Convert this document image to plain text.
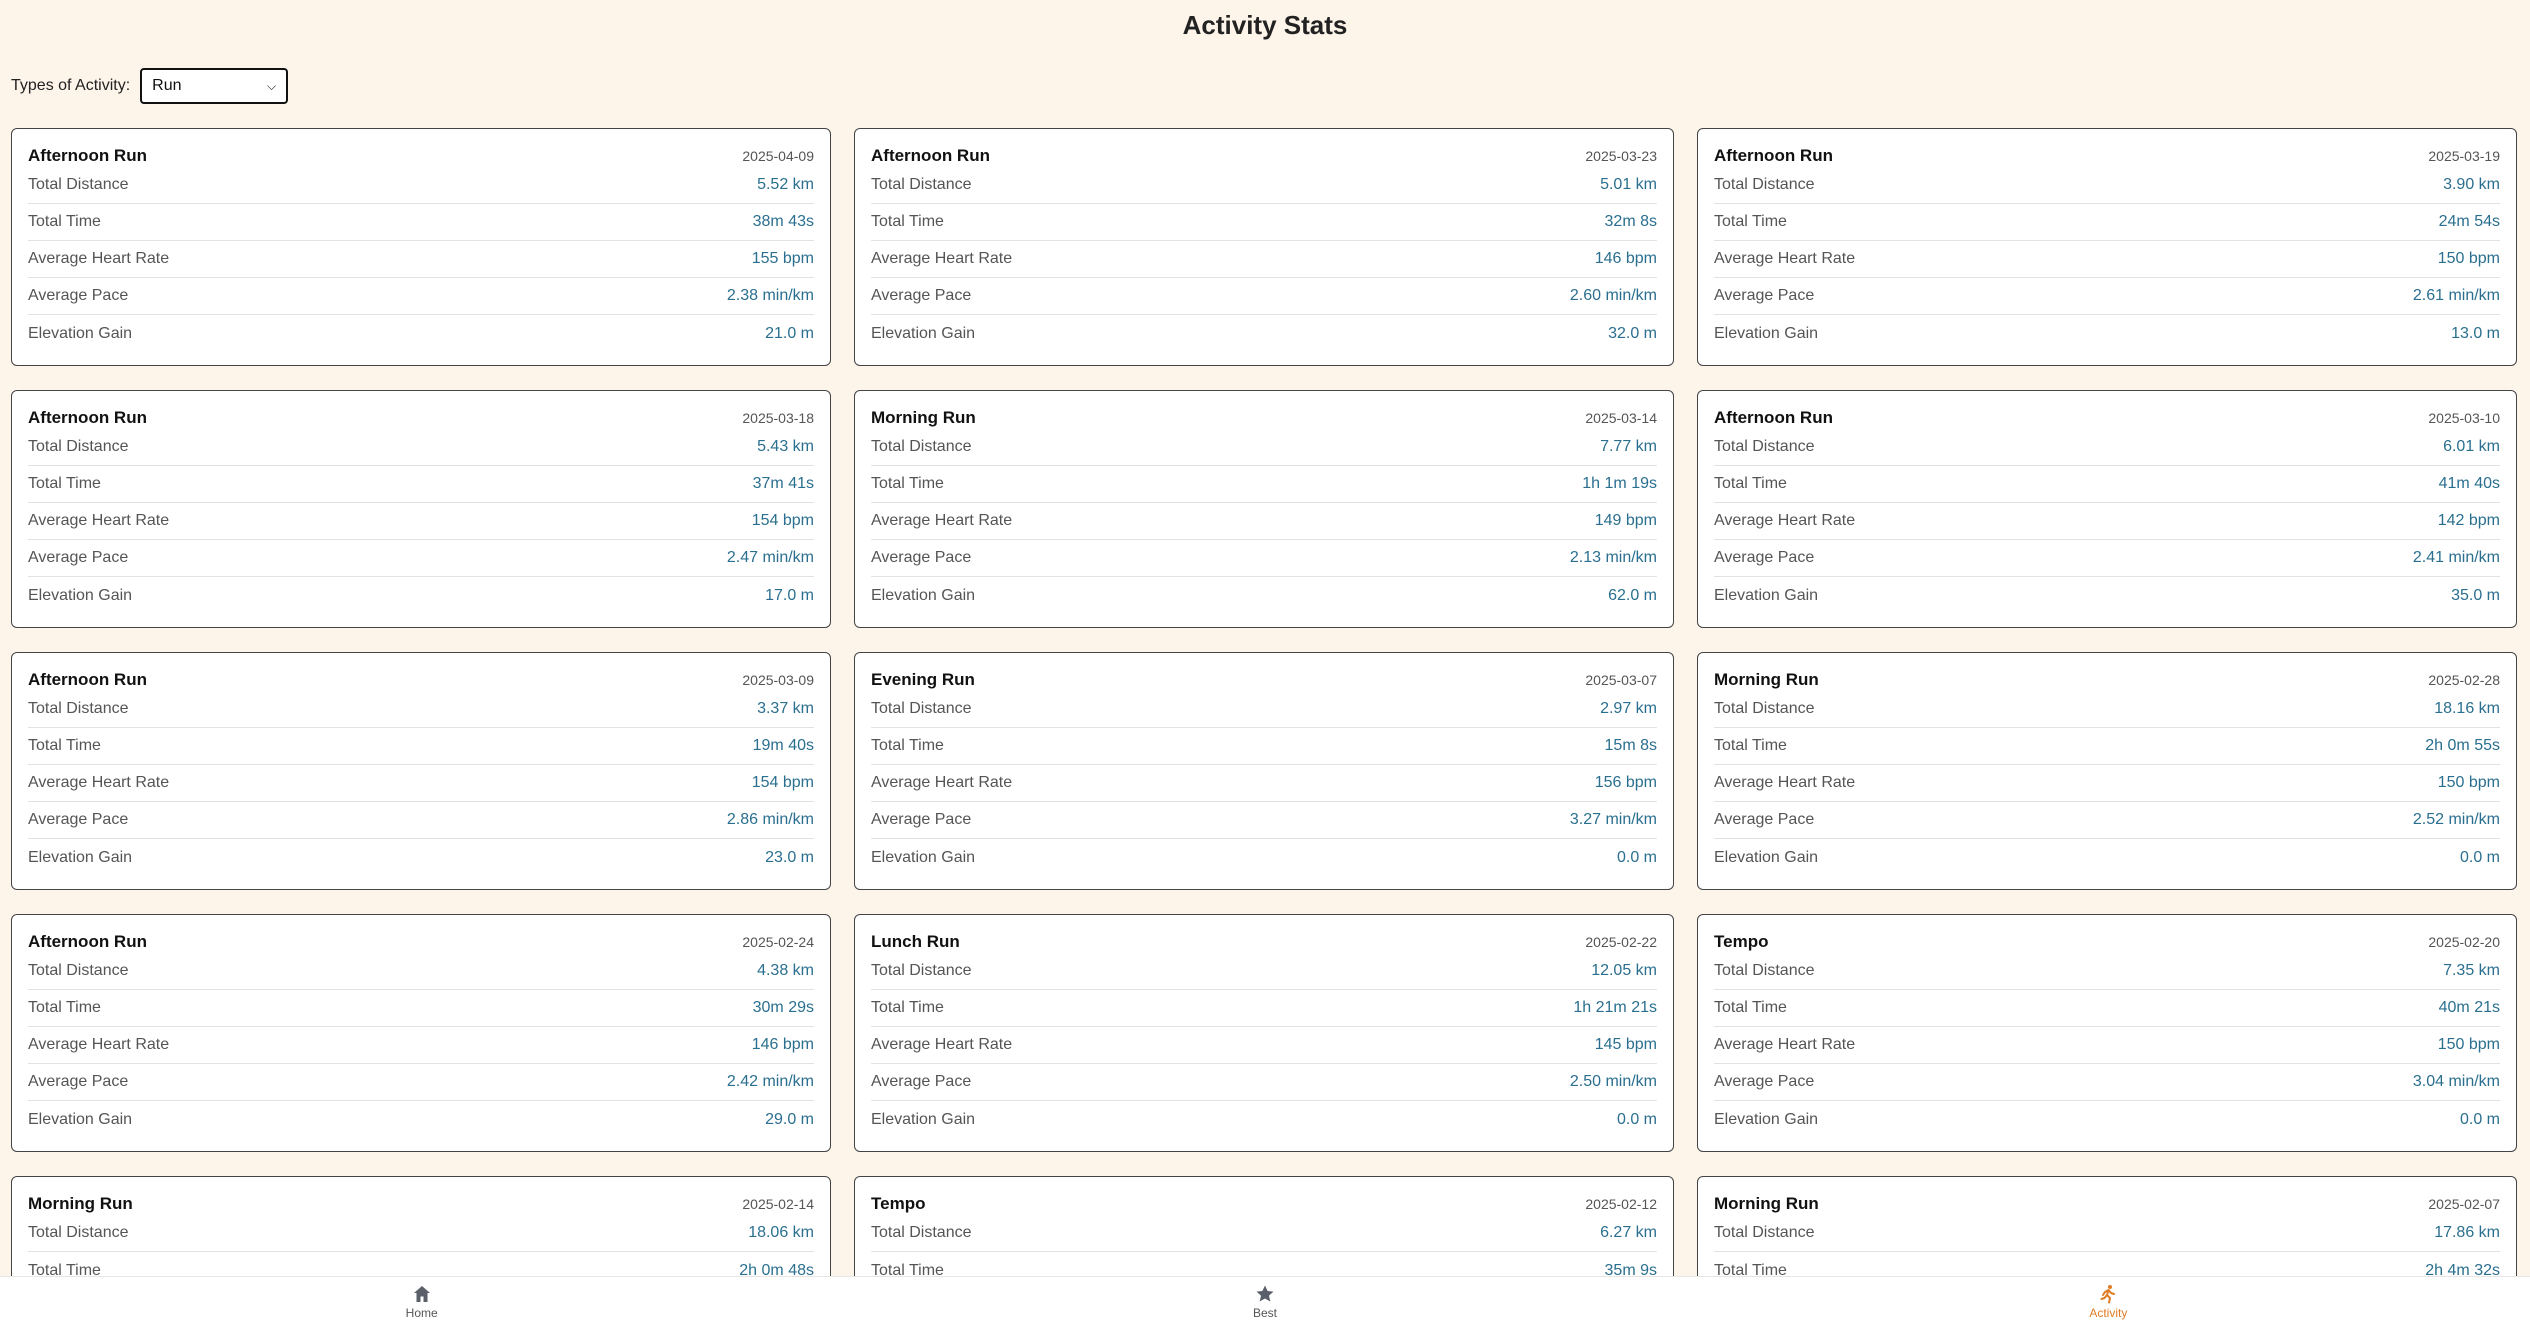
Activity Stats
Types of Activity: Run	⌵
Afternoon Run	2025-04-09
Total Distance	5.52 km
Total Time	38m 43s
Average Heart Rate	155 bpm
Average Pace	2.38 min/km
Elevation Gain	21.0 m
Afternoon Run	2025-03-23
Total Distance	5.01 km
Total Time	32m 8s
Average Heart Rate	146 bpm
Average Pace	2.60 min/km
Elevation Gain	32.0 m
Afternoon Run	2025-03-19
Total Distance	3.90 km
Total Time	24m 54s
Average Heart Rate	150 bpm
Average Pace	2.61 min/km
Elevation Gain	13.0 m
Afternoon Run	2025-03-18
Total Distance	5.43 km
Total Time	37m 41s
Average Heart Rate	154 bpm
Average Pace	2.47 min/km
Elevation Gain	17.0 m
Morning Run	2025-03-14
Total Distance	7.77 km
Total Time	1h 1m 19s
Average Heart Rate	149 bpm
Average Pace	2.13 min/km
Elevation Gain	62.0 m
Afternoon Run	2025-03-10
Total Distance	6.01 km
Total Time	41m 40s
Average Heart Rate	142 bpm
Average Pace	2.41 min/km
Elevation Gain	35.0 m
Afternoon Run	2025-03-09
Total Distance	3.37 km
Total Time	19m 40s
Average Heart Rate	154 bpm
Average Pace	2.86 min/km
Elevation Gain	23.0 m
Evening Run	2025-03-07
Total Distance	2.97 km
Total Time	15m 8s
Average Heart Rate	156 bpm
Average Pace	3.27 min/km
Elevation Gain	0.0 m
Morning Run	2025-02-28
Total Distance	18.16 km
Total Time	2h 0m 55s
Average Heart Rate	150 bpm
Average Pace	2.52 min/km
Elevation Gain	0.0 m
Afternoon Run	2025-02-24
Total Distance	4.38 km
Total Time	30m 29s
Average Heart Rate	146 bpm
Average Pace	2.42 min/km
Elevation Gain	29.0 m
Lunch Run	2025-02-22
Total Distance	12.05 km
Total Time	1h 21m 21s
Average Heart Rate	145 bpm
Average Pace	2.50 min/km
Elevation Gain	0.0 m
Tempo	2025-02-20
Total Distance	7.35 km
Total Time	40m 21s
Average Heart Rate	150 bpm
Average Pace	3.04 min/km
Elevation Gain	0.0 m
Morning Run	2025-02-14
Total Distance	18.06 km
Total Time	2h 0m 48s
Tempo	2025-02-12
Total Distance	6.27 km
Total Time	35m 9s
Morning Run	2025-02-07
Total Distance	17.86 km
Total Time	2h 4m 32s
Home	Best	Activity
